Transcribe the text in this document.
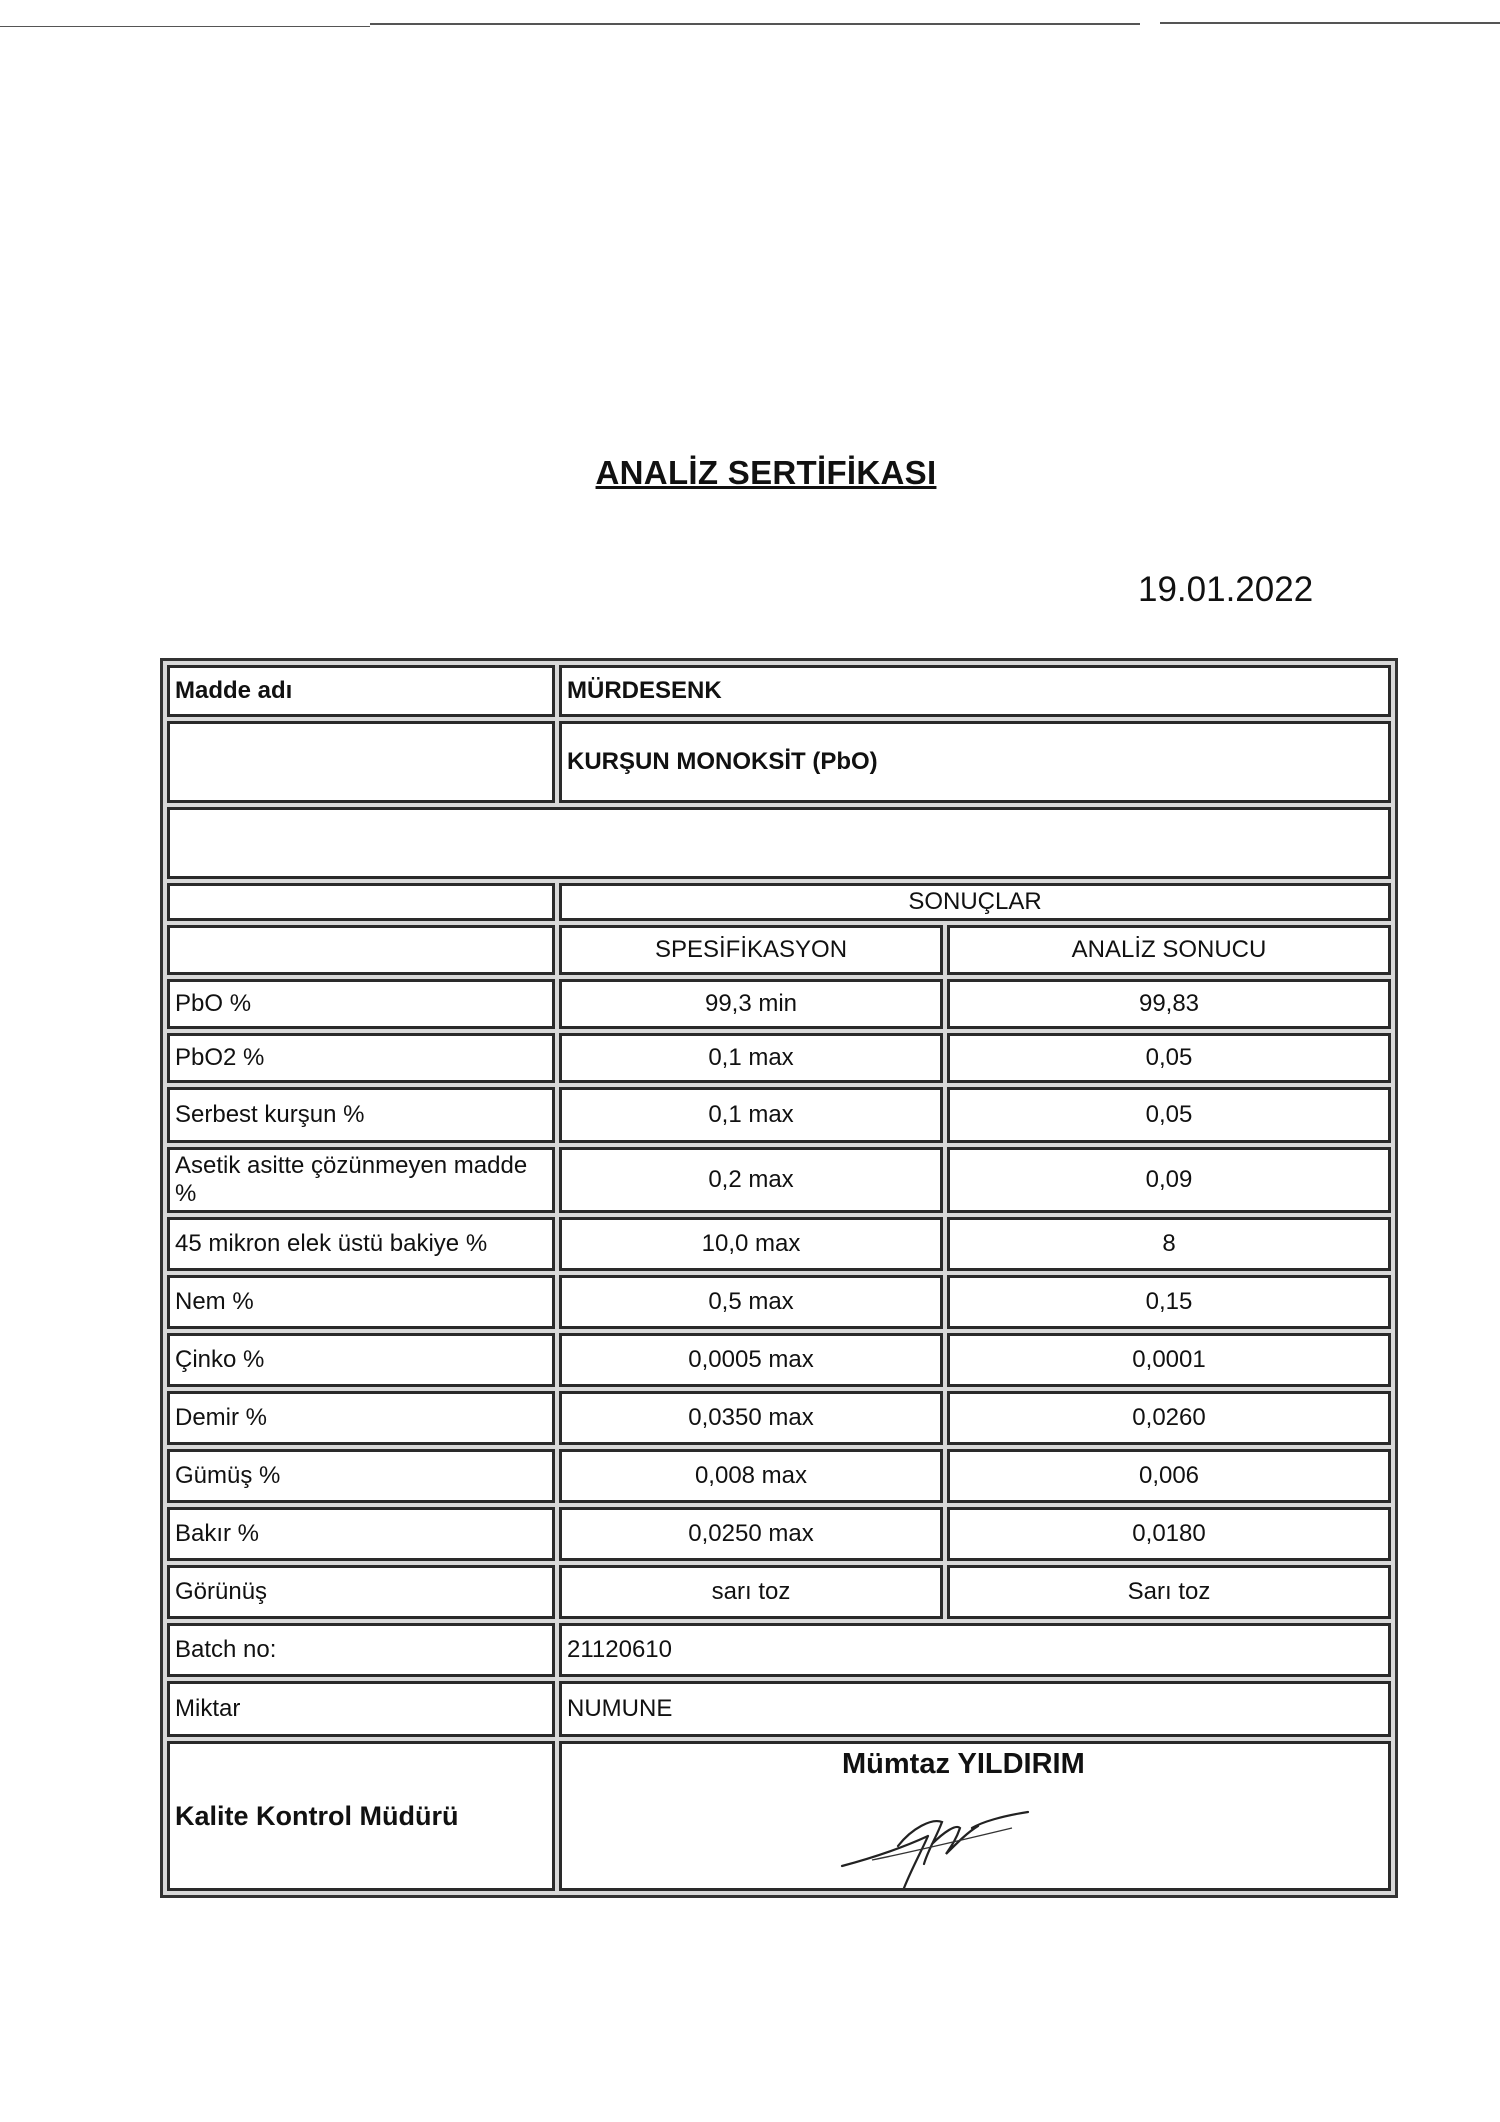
ANALİZ SERTİFİKASI
19.01.2022
Madde adı	MÜRDESENK	
	KURŞUN MONOKSİT (PbO)	

	SONUÇLAR	
	SPESİFİKASYON	ANALİZ SONUCU
PbO %	99,3 min	99,83
PbO2 %	0,1 max	0,05
Serbest kurşun %	0,1 max	0,05
Asetik asitte çözünmeyen madde %	0,2 max	0,09
45 mikron elek üstü bakiye %	10,0 max	8
Nem %	0,5 max	0,15
Çinko %	0,0005 max	0,0001
Demir %	0,0350 max	0,0260
Gümüş %	0,008 max	0,006
Bakır %	0,0250 max	0,0180
Görünüş	sarı toz	Sarı toz
Batch no:	21120610	
Miktar	NUMUNE	
Kalite Kontrol Müdürü	Mümtaz YILDIRIM	
